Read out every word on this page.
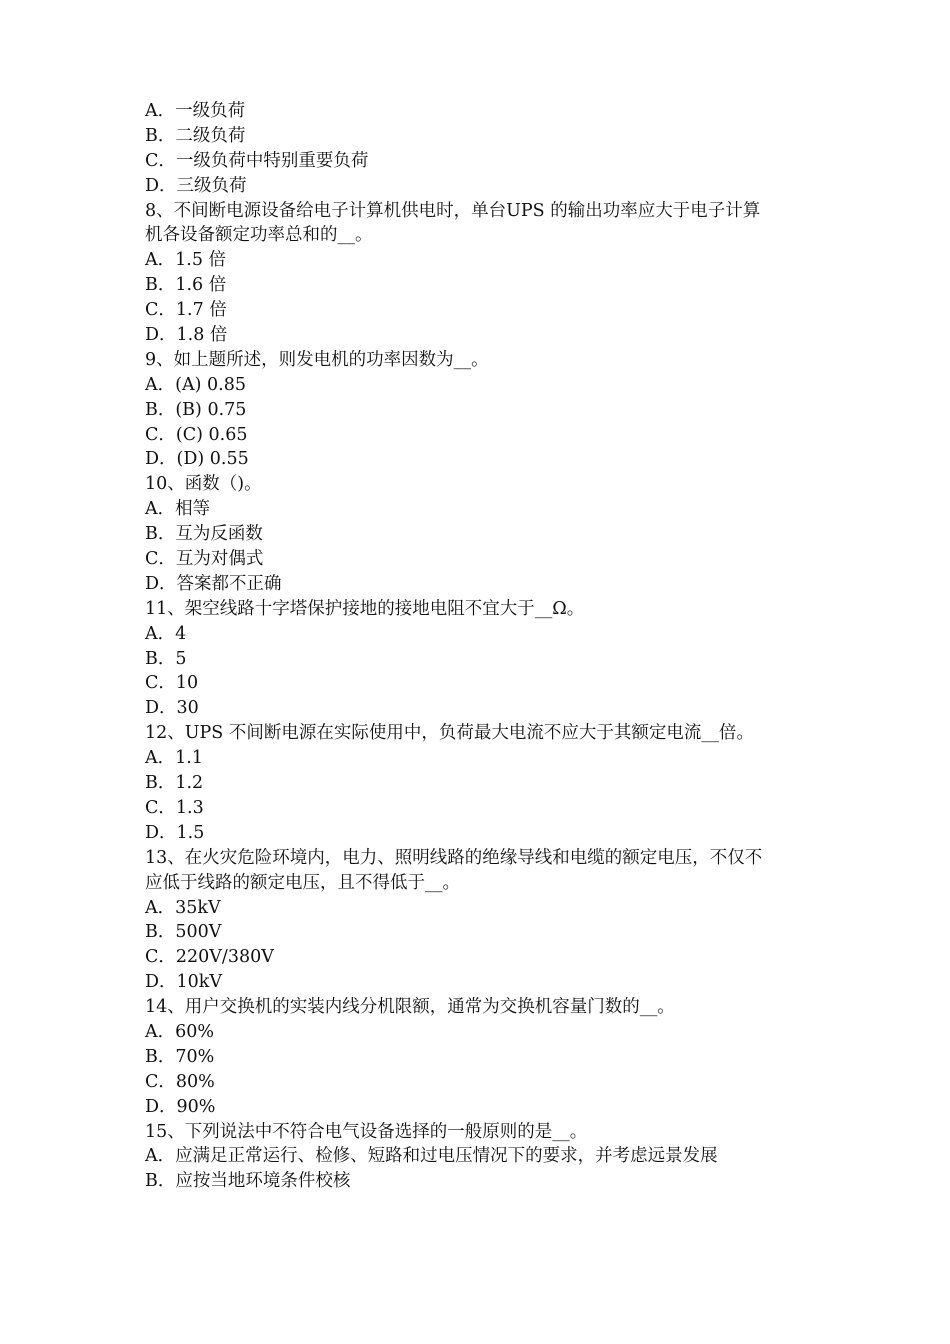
A．一级负荷
B．二级负荷
C．一级负荷中特别重要负荷
D．三级负荷
8、不间断电源设备给电子计算机供电时，单台UPS 的输出功率应大于电子计算
机各设备额定功率总和的__。
A．1.5 倍
B．1.6 倍
C．1.7 倍
D．1.8 倍
9、如上题所述，则发电机的功率因数为__。
A．(A) 0.85
B．(B) 0.75
C．(C) 0.65
D．(D) 0.55
10、函数（)。
A．相等
B．互为反函数
C．互为对偶式
D．答案都不正确
11、架空线路十字塔保护接地的接地电阻不宜大于__Ω。
A．4
B．5
C．10
D．30
12、UPS 不间断电源在实际使用中，负荷最大电流不应大于其额定电流__倍。
A．1.1
B．1.2
C．1.3
D．1.5
13、在火灾危险环境内，电力、照明线路的绝缘导线和电缆的额定电压，不仅不
应低于线路的额定电压，且不得低于__。
A．35kV
B．500V
C．220V/380V
D．10kV
14、用户交换机的实装内线分机限额，通常为交换机容量门数的__。
A．60%
B．70%
C．80%
D．90%
15、下列说法中不符合电气设备选择的一般原则的是__。
A．应满足正常运行、检修、短路和过电压情况下的要求，并考虑远景发展
B．应按当地环境条件校核
